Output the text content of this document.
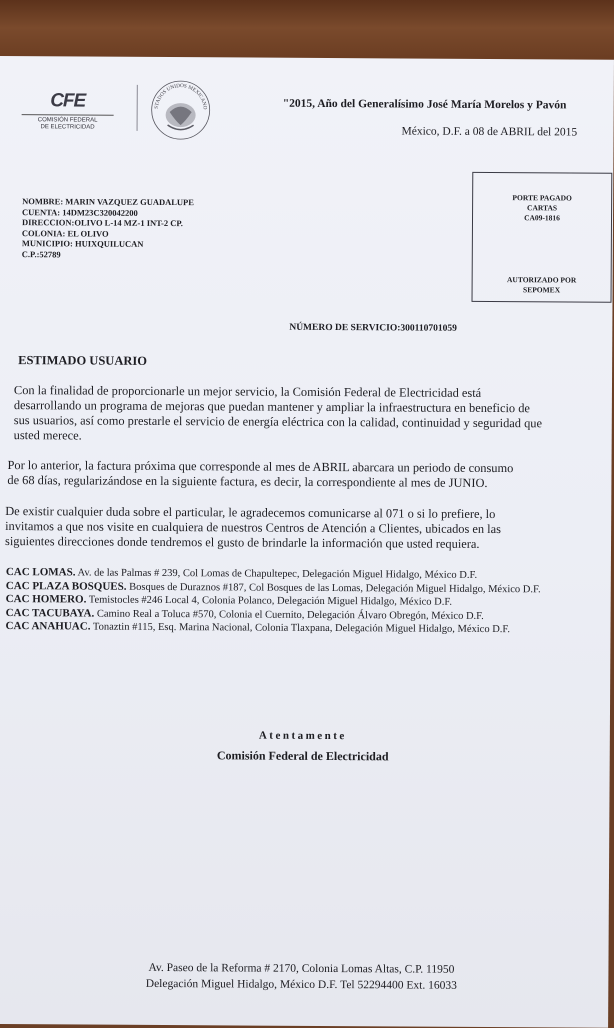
CFE
COMISIÓN FEDERAL
DE ELECTRICIDAD
ESTADOS UNIDOS MEXICANOS
"2015, Año del Generalísimo José María Morelos y Pavón
México, D.F. a 08 de ABRIL del 2015
NOMBRE: MARIN VAZQUEZ GUADALUPE
CUENTA: 14DM23C320042200
DIRECCION:OLIVO L-14 MZ-1 INT-2 CP.
COLONIA: EL OLIVO
MUNICIPIO: HUIXQUILUCAN
C.P.:52789
PORTE PAGADO
CARTAS
CA09-1816
AUTORIZADO POR
SEPOMEX
NÚMERO DE SERVICIO:300110701059
ESTIMADO USUARIO
Con la finalidad de proporcionarle un mejor servicio, la Comisión Federal de Electricidad está
desarrollando un programa de mejoras que puedan mantener y ampliar la infraestructura en beneficio de
sus usuarios, así como prestarle el servicio de energía eléctrica con la calidad, continuidad y seguridad que
usted merece.
Por lo anterior, la factura próxima que corresponde al mes de ABRIL abarcara un periodo de consumo
de 68 días, regularizándose en la siguiente factura, es decir, la correspondiente al mes de JUNIO.
De existir cualquier duda sobre el particular, le agradecemos comunicarse al 071 o si lo prefiere, lo
invitamos a que nos visite en cualquiera de nuestros Centros de Atención a Clientes, ubicados en las
siguientes direcciones donde tendremos el gusto de brindarle la información que usted requiera.
CAC LOMAS. Av. de las Palmas # 239, Col Lomas de Chapultepec, Delegación Miguel Hidalgo, México D.F.
CAC PLAZA BOSQUES. Bosques de Duraznos #187, Col Bosques de las Lomas, Delegación Miguel Hidalgo, México D.F.
CAC HOMERO. Temistocles #246 Local 4, Colonia Polanco, Delegación Miguel Hidalgo, México D.F.
CAC TACUBAYA. Camino Real a Toluca #570, Colonia el Cuernito, Delegación Álvaro Obregón, México D.F.
CAC ANAHUAC. Tonaztin #115, Esq. Marina Nacional, Colonia Tlaxpana, Delegación Miguel Hidalgo, México D.F.
Atentamente
Comisión Federal de Electricidad
Av. Paseo de la Reforma # 2170, Colonia Lomas Altas, C.P. 11950
Delegación Miguel Hidalgo, México D.F. Tel 52294400 Ext. 16033
